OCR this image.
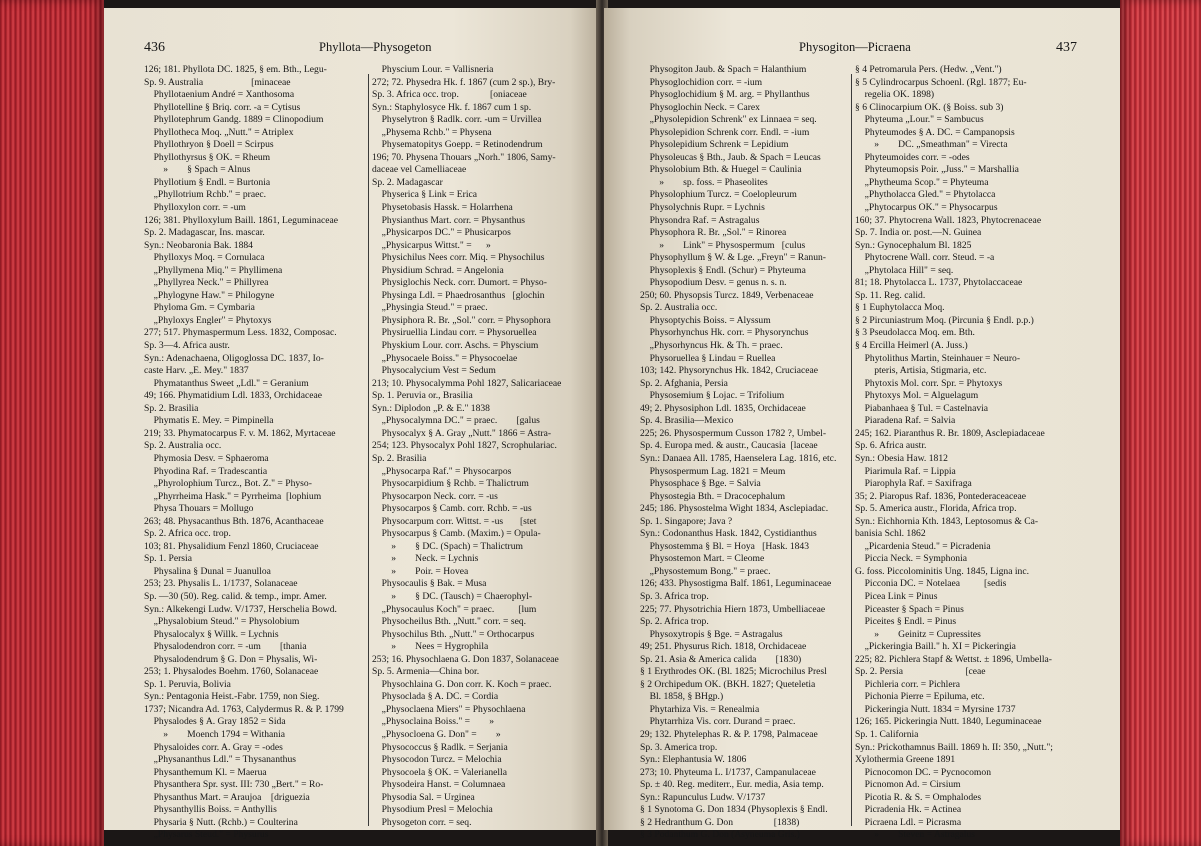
436	Phyllota—Physogeton
126; 181. Phyllota DC. 1825, § em. Bth., Legu-
Sp. 9. Australia                    [minaceae
Phyllotaenium André = Xanthosoma
Phyllotelline § Briq. corr. -a = Cytisus
Phyllotephrum Gandg. 1889 = Clinopodium
Phyllotheca Moq. „Nutt." = Atriplex
Phyllothryon § Doell = Scirpus
Phyllothyrsus § OK. = Rheum
»        § Spach = Alnus
Phyllotium § Endl. = Burtonia
„Phyllotrium Rchb." = praec.
Phylloxylon corr. = -um
126; 381. Phylloxylum Baill. 1861, Leguminaceae
Sp. 2. Madagascar, Ins. mascar.
Syn.: Neobaronia Bak. 1884
Phylloxys Moq. = Cornulaca
„Phyllymena Miq." = Phyllimena
„Phyllyrea Neck." = Phillyrea
„Phylogyne Haw." = Philogyne
Phyloma Gm. = Cymbaria
„Phyloxys Engler" = Phytoxys
277; 517. Phymaspermum Less. 1832, Composac.
Sp. 3—4. Africa austr.
Syn.: Adenachaena, Oligoglossa DC. 1837, Io-
caste Harv. „E. Mey." 1837
Phymatanthus Sweet „Ldl." = Geranium
49; 166. Phymatidium Ldl. 1833, Orchidaceae
Sp. 2. Brasilia
Phymatis E. Mey. = Pimpinella
219; 33. Phymatocarpus F. v. M. 1862, Myrtaceae
Sp. 2. Australia occ.
Phymosia Desv. = Sphaeroma
Phyodina Raf. = Tradescantia
„Phyrolophium Turcz., Bot. Z." = Physo-
„Phyrrheima Hask." = Pyrrheima  [lophium
Physa Thouars = Mollugo
263; 48. Physacanthus Bth. 1876, Acanthaceae
Sp. 2. Africa occ. trop.
103; 81. Physalidium Fenzl 1860, Cruciaceae
Sp. 1. Persia
Physalina § Dunal = Juanulloa
253; 23. Physalis L. 1/1737, Solanaceae
Sp. —30 (50). Reg. calid. & temp., impr. Amer.
Syn.: Alkekengi Ludw. V/1737, Herschelia Bowd.
„Physalobium Steud." = Physolobium
Physalocalyx § Willk. = Lychnis
Physalodendron corr. = -um        [thania
Physalodendrum § G. Don = Physalis, Wi-
253; 1. Physalodes Boehm. 1760, Solanaceae
Sp. 1. Peruvia, Bolivia
Syn.: Pentagonia Heist.-Fabr. 1759, non Sieg.
1737; Nicandra Ad. 1763, Calydermus R. & P. 1799
Physalodes § A. Gray 1852 = Sida
»        Moench 1794 = Withania
Physaloides corr. A. Gray = -odes
„Physananthus Ldl." = Thysananthus
Physanthemum Kl. = Maerua
Physanthera Spr. syst. III: 730 „Bert." = Ro-
Physanthus Mart. = Araujoa    [driguezia
Physanthyllis Boiss. = Anthyllis
Physaria § Nutt. (Rchb.) = Coulterina
„Physarus Steud." = Physurus
Physcium Lour. = Vallisneria
272; 72. Physedra Hk. f. 1867 (cum 2 sp.), Bry-
Sp. 3. Africa occ. trop.             [oniaceae
Syn.: Staphylosyce Hk. f. 1867 cum 1 sp.
Physelytron § Radlk. corr. -um = Urvillea
„Physema Rchb." = Physena
Physematopitys Goepp. = Retinodendrum
196; 70. Physena Thouars „Norh." 1806, Samy-
daceae vel Camelliaceae
Sp. 2. Madagascar
Physerica § Link = Erica
Physetobasis Hassk. = Holarrhena
Physianthus Mart. corr. = Physanthus
„Physicarpos DC." = Phusicarpos
„Physicarpus Wittst." =      »
Physichilus Nees corr. Miq. = Physochilus
Physidium Schrad. = Angelonia
Physiglochis Neck. corr. Dumort. = Physo-
Physinga Ldl. = Phaedrosanthus   [glochin
„Physingia Steud." = praec.
Physiphora R. Br. „Sol." corr. = Physophora
Physiruellia Lindau corr. = Physoruellea
Physkium Lour. corr. Aschs. = Physcium
„Physocaele Boiss." = Physocoelae
Physocalycium Vest = Sedum
213; 10. Physocalymma Pohl 1827, Salicariaceae
Sp. 1. Peruvia or., Brasilia
Syn.: Diplodon „P. & E." 1838
„Physocalymna DC." = praec.        [galus
Physocalyx § A. Gray „Nutt." 1866 = Astra-
254; 123. Physocalyx Pohl 1827, Scrophulariac.
Sp. 2. Brasilia
„Physocarpa Raf." = Physocarpos
Physocarpidium § Rchb. = Thalictrum
Physocarpon Neck. corr. = -us
Physocarpos § Camb. corr. Rchb. = -us
Physocarpum corr. Wittst. = -us       [stet
Physocarpus § Camb. (Maxim.) = Opula-
»        § DC. (Spach) = Thalictrum
»        Neck. = Lychnis
»        Poir. = Hovea
Physocaulis § Bak. = Musa
»        § DC. (Tausch) = Chaerophyl-
„Physocaulus Koch" = praec.          [lum
Physocheilus Bth. „Nutt." corr. = seq.
Physochilus Bth. „Nutt." = Orthocarpus
»        Nees = Hygrophila
253; 16. Physochlaena G. Don 1837, Solanaceae
Sp. 5. Armenia—China bor.
Physochlaina G. Don corr. K. Koch = praec.
Physoclada § A. DC. = Cordia
„Physoclaena Miers" = Physochlaena
„Physoclaina Boiss." =        »
„Physocloena G. Don" =        »
Physococcus § Radlk. = Serjania
Physocodon Turcz. = Melochia
Physocoela § OK. = Valerianella
Physodeira Hanst. = Columnaea
Physodia Sal. = Urginea
Physodium Presl = Melochia
Physogeton corr. = seq.
Physogiton—Picraena	437
Physogiton Jaub. & Spach = Halanthium
Physoglochidion corr. = -ium
Physoglochidium § M. arg. = Phyllanthus
Physoglochin Neck. = Carex
„Physolepidion Schrenk" ex Linnaea = seq.
Physolepidion Schrenk corr. Endl. = -ium
Physolepidium Schrenk = Lepidium
Physoleucas § Bth., Jaub. & Spach = Leucas
Physolobium Bth. & Huegel = Caulinia
»        sp. foss. = Phaseolites
Physolophium Turcz. = Coelopleurum
Physolychnis Rupr. = Lychnis
Physondra Raf. = Astragalus
Physophora R. Br. „Sol." = Rinorea
»        Link" = Physospermum   [culus
Physophyllum § W. & Lge. „Freyn" = Ranun-
Physoplexis § Endl. (Schur) = Phyteuma
Physopodium Desv. = genus n. s. n.
250; 60. Physopsis Turcz. 1849, Verbenaceae
Sp. 2. Australia occ.
Physoptychis Boiss. = Alyssum
Physorhynchus Hk. corr. = Physorynchus
„Physorhyncus Hk. & Th. = praec.
Physoruellea § Lindau = Ruellea
103; 142. Physorynchus Hk. 1842, Cruciaceae
Sp. 2. Afghania, Persia
Physosemium § Lojac. = Trifolium
49; 2. Physosiphon Ldl. 1835, Orchidaceae
Sp. 4. Brasilia—Mexico
225; 26. Physospermum Cusson 1782 ?, Umbel-
Sp. 4. Europa med. & austr., Caucasia  [laceae
Syn.: Danaea All. 1785, Haenselera Lag. 1816, etc.
Physospermum Lag. 1821 = Meum
Physosphace § Bge. = Salvia
Physostegia Bth. = Dracocephalum
245; 186. Physostelma Wight 1834, Asclepiadac.
Sp. 1. Singapore; Java ?
Syn.: Codonanthus Hask. 1842, Cystidianthus
Physostemma § Bl. = Hoya   [Hask. 1843
Physostemon Mart. = Cleome
„Physostemum Bong." = praec.
126; 433. Physostigma Balf. 1861, Leguminaceae
Sp. 3. Africa trop.
225; 77. Physotrichia Hiern 1873, Umbelliaceae
Sp. 2. Africa trop.
Physoxytropis § Bge. = Astragalus
49; 251. Physurus Rich. 1818, Orchidaceae
Sp. 21. Asia & America calida        [1830)
§ 1 Erythrodes OK. (Bl. 1825; Microchilus Presl
§ 2 Orchipedum OK. (BKH. 1827; Queteletia
Bl. 1858, § BHgp.)
Phytarhiza Vis. = Renealmia
Phytarrhiza Vis. corr. Durand = praec.
29; 132. Phytelephas R. & P. 1798, Palmaceae
Sp. 3. America trop.
Syn.: Elephantusia W. 1806
273; 10. Phyteuma L. I/1737, Campanulaceae
Sp. ± 40. Reg. mediterr., Eur. media, Asia temp.
Syn.: Rapunculus Ludw. V/1737
§ 1 Synotoma G. Don 1834 (Physoplexis § Endl.
§ 2 Hedranthum G. Don                 [1838)
§ 3 Podanthum G. Don (Asyneuma Gris.)
§ 4 Petromarula Pers. (Hedw. „Vent.")
§ 5 Cylindrocarpus Schoenl. (Rgl. 1877; Eu-
regelia OK. 1898)
§ 6 Clinocarpium OK. (§ Boiss. sub 3)
Phyteuma „Lour." = Sambucus
Phyteumodes § A. DC. = Campanopsis
»        DC. „Smeathman" = Virecta
Phyteumoides corr. = -odes
Phyteumopsis Poir. „Juss." = Marshallia
„Phytheuma Scop." = Phyteuma
„Phytholacca Gled." = Phytolacca
„Phytocarpus OK." = Physocarpus
160; 37. Phytocrena Wall. 1823, Phytocrenaceae
Sp. 7. India or. post.—N. Guinea
Syn.: Gynocephalum Bl. 1825
Phytocrene Wall. corr. Steud. = -a
„Phytolaca Hill" = seq.
81; 18. Phytolacca L. 1737, Phytolaccaceae
Sp. 11. Reg. calid.
§ 1 Euphytolacca Moq.
§ 2 Pircuniastrum Moq. (Pircunia § Endl. p.p.)
§ 3 Pseudolacca Moq. em. Bth.
§ 4 Ercilla Heimerl (A. Juss.)
Phytolithus Martin, Steinhauer = Neuro-
pteris, Artisia, Stigmaria, etc.
Phytoxis Mol. corr. Spr. = Phytoxys
Phytoxys Mol. = Alguelagum
Piabanhaea § Tul. = Castelnavia
Piaradena Raf. = Salvia
245; 162. Piaranthus R. Br. 1809, Asclepiadaceae
Sp. 6. Africa austr.
Syn.: Obesia Haw. 1812
Piarimula Raf. = Lippia
Piarophyla Raf. = Saxifraga
35; 2. Piaropus Raf. 1836, Pontederaceaceae
Sp. 5. America austr., Florida, Africa trop.
Syn.: Eichhornia Kth. 1843, Leptosomus & Ca-
banisia Schl. 1862
„Picardenia Steud." = Picradenia
Piccia Neck. = Symphonia
G. foss. Piccolominitis Ung. 1845, Ligna inc.
Picconia DC. = Notelaea          [sedis
Picea Link = Pinus
Piceaster § Spach = Pinus
Piceites § Endl. = Pinus
»        Geinitz = Cupressites
„Pickeringia Baill." h. XI = Pickeringia
225; 82. Pichlera Stapf & Wettst. ± 1896, Umbella-
Sp. 2. Persia                          [ceae
Pichleria corr. = Pichlera
Pichonia Pierre = Epiluma, etc.
Pickeringia Nutt. 1834 = Myrsine 1737
126; 165. Pickeringia Nutt. 1840, Leguminaceae
Sp. 1. California
Syn.: Prickothamnus Baill. 1869 h. II: 350, „Nutt.";
Xylothermia Greene 1891
Picnocomon DC. = Pycnocomon
Picnomon Ad. = Cirsium
Picotia R. & S. = Omphalodes
Picradenia Hk. = Actinea
Picraena Ldl. = Picrasma
»        Steven = Astragalus
